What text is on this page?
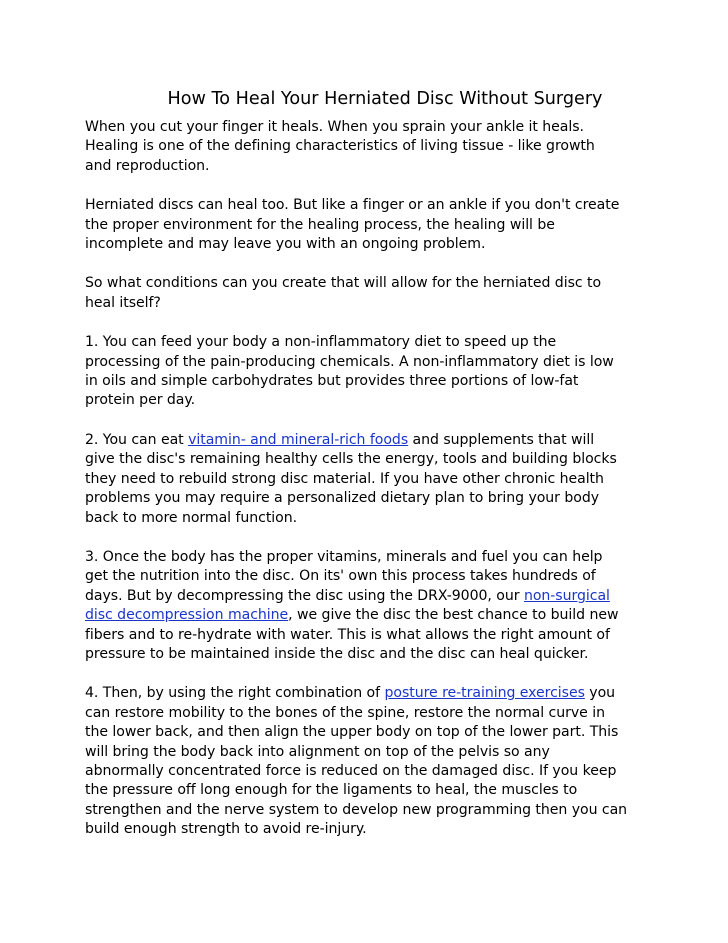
How To Heal Your Herniated Disc Without Surgery

When you cut your finger it heals. When you sprain your ankle it heals.
Healing is one of the defining characteristics of living tissue - like growth
and reproduction.

Herniated discs can heal too. But like a finger or an ankle if you don't create
the proper environment for the healing process, the healing will be
incomplete and may leave you with an ongoing problem.

So what conditions can you create that will allow for the herniated disc to
heal itself?

1. You can feed your body a non-inflammatory diet to speed up the
processing of the pain-producing chemicals. A non-inflammatory diet is low
in oils and simple carbohydrates but provides three portions of low-fat
protein per day.

2. You can eat vitamin- and mineral-rich foods and supplements that will
give the disc's remaining healthy cells the energy, tools and building blocks
they need to rebuild strong disc material. If you have other chronic health
problems you may require a personalized dietary plan to bring your body
back to more normal function.

3. Once the body has the proper vitamins, minerals and fuel you can help
get the nutrition into the disc. On its' own this process takes hundreds of
days. But by decompressing the disc using the DRX-9000, our non-surgical
disc decompression machine, we give the disc the best chance to build new
fibers and to re-hydrate with water. This is what allows the right amount of
pressure to be maintained inside the disc and the disc can heal quicker.

4. Then, by using the right combination of posture re-training exercises you
can restore mobility to the bones of the spine, restore the normal curve in
the lower back, and then align the upper body on top of the lower part. This
will bring the body back into alignment on top of the pelvis so any
abnormally concentrated force is reduced on the damaged disc. If you keep
the pressure off long enough for the ligaments to heal, the muscles to
strengthen and the nerve system to develop new programming then you can
build enough strength to avoid re-injury.
